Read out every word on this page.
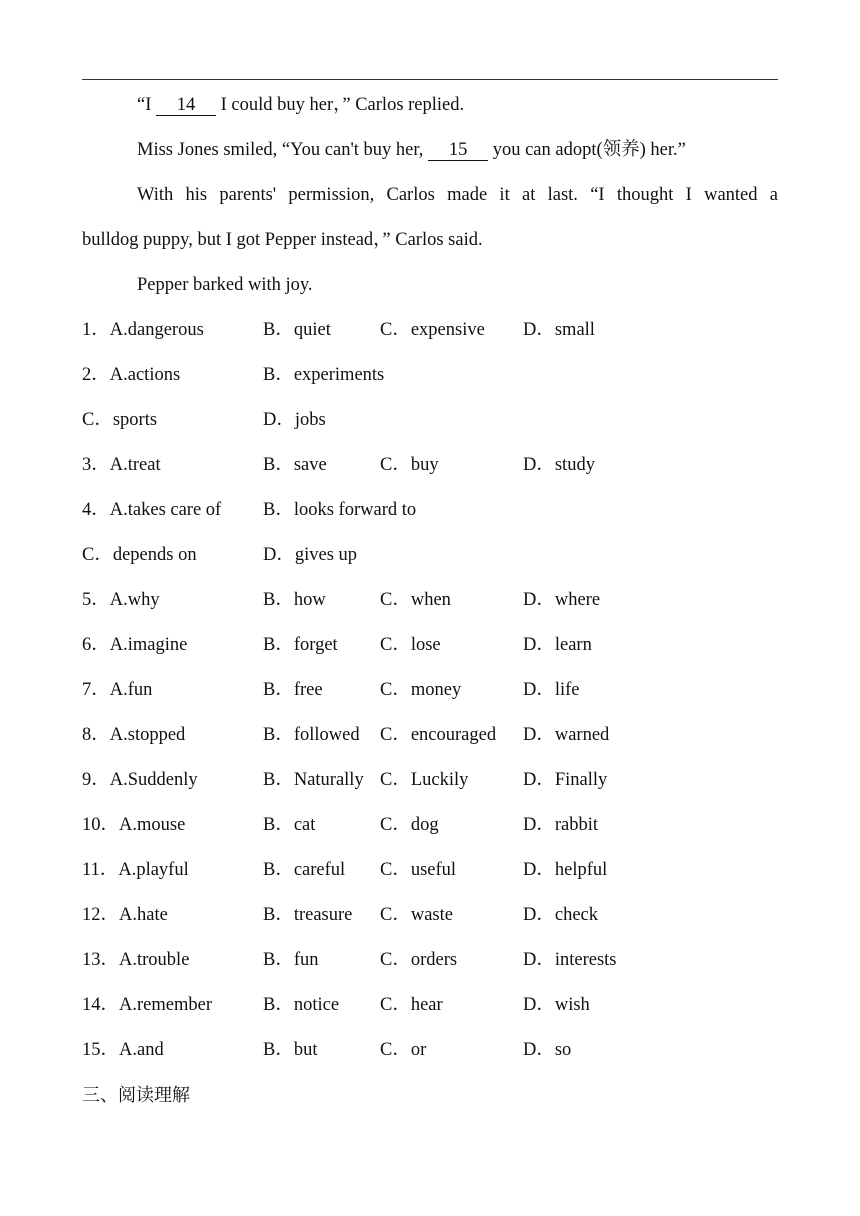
“I 14 I could buy her，” Carlos replied.
Miss Jones smiled, “You can't buy her, 15 you can adopt(领养) her.”
With his parents' permission, Carlos made it at last. “I thought I wanted a
bulldog puppy, but I got Pepper instead，” Carlos said.
Pepper barked with joy.
1．A.dangerous	B．quiet	C．expensive D．small
2．A.actions	B．experiments
C．sports	D．jobs
3．A.treat	B．save	C．buy	D．study
4．A.takes care of B．looks forward to
C．depends on	D．gives up
5．A.why	B．how	C．when	D．where
6．A.imagine	B．forget C．lose	D．learn
7．A.fun	B．free	C．money	D．life
8．A.stopped	B．followed C．encouraged D．warned
9．A.Suddenly	B．Naturally C．Luckily	D．Finally
10．A.mouse	B．cat	C．dog	D．rabbit
11．A.playful	B．careful C．useful	D．helpful
12．A.hate	B．treasure C．waste	D．check
13．A.trouble	B．fun	C．orders	D．interests
14．A.remember	B．notice C．hear	D．wish
15．A.and	B．but	C．or	D．so
三、阅读理解
